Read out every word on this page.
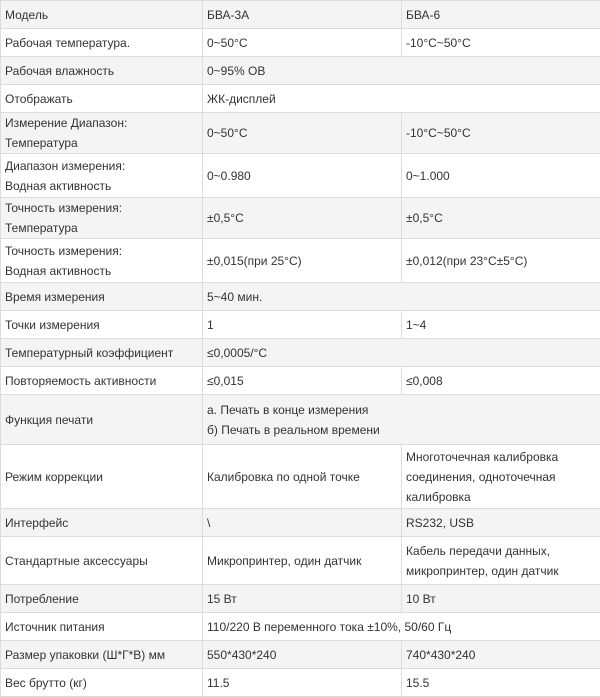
Модель	БВА-3А	БВА-6

Рабочая температура.	0~50°C	-10°C~50°C

Рабочая влажность	0~95% ОВ	

Отображать	ЖК-дисплей	

Измерение Диапазон: Температура	0~50°C	-10°C~50°C

Диапазон измерения:
Водная активность	0~0.980	0~1.000

Точность измерения: Температура	±0,5°C	±0,5°C

Точность измерения:
Водная активность	±0,015(при 25°C)	±0,012(при 23°C±5°C)

Время измерения	5~40 мин.	

Точки измерения	1	1~4

Температурный коэффициент	≤0,0005/°C	

Повторяемость активности	≤0,015	≤0,008

Функция печати	а. Печать в конце измерения
б) Печать в реальном времени	

Режим коррекции	Калибровка по одной точке	Многоточечная калибровка
соединения, одноточечная
калибровка

Интерфейс	\	RS232, USB

Стандартные аксессуары	Микропринтер, один датчик	Кабель передачи данных,
микропринтер, один датчик

Потребление	15 Вт	10 Вт

Источник питания	110/220 В переменного тока ±10%, 50/60 Гц	

Размер упаковки (Ш*Г*В) мм	550*430*240	740*430*240

Вес брутто (кг)	11.5	15.5
